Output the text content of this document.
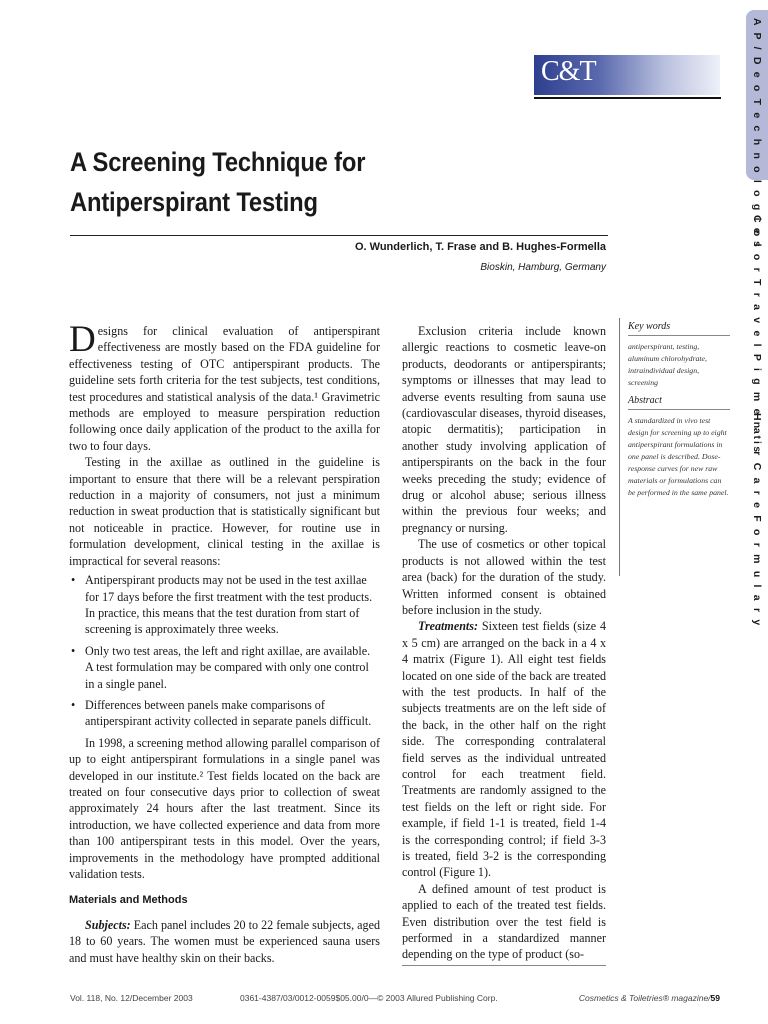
C&T	A P / D e o T e c h n o l o g i e s
C o l o r T r a v e l P i g m e n t s
H a i r C a r e F o r m u l a r y
A Screening Technique for
Antiperspirant Testing
O. Wunderlich, T. Frase and B. Hughes-Formella
Bioskin, Hamburg, Germany

Designs for clinical evaluation of antiperspirant effectiveness are mostly based on the FDA guideline for effectiveness testing of OTC antiperspirant products. The guideline sets forth criteria for the test subjects, test conditions, test procedures and statistical analysis of the data.¹ Gravimetric methods are employed to measure perspiration reduction following once daily application of the product to the axilla for two to four days.

Testing in the axillae as outlined in the guideline is important to ensure that there will be a relevant perspiration reduction in a majority of consumers, not just a minimum reduction in sweat production that is statistically significant but not noticeable in practice. However, for routine use in formulation development, clinical testing in the axillae is impractical for several reasons:

• Antiperspirant products may not be used in the test axillae for 17 days before the first treatment with the test products. In practice, this means that the test duration from start of screening is approximately three weeks.
• Only two test areas, the left and right axillae, are available. A test formulation may be compared with only one control in a single panel.
• Differences between panels make comparisons of antiperspirant activity collected in separate panels difficult.

In 1998, a screening method allowing parallel comparison of up to eight antiperspirant formulations in a single panel was developed in our institute.² Test fields located on the back are treated on four consecutive days prior to collection of sweat approximately 24 hours after the last treatment. Since its introduction, we have collected experience and data from more than 100 antiperspirant tests in this model. Over the years, improvements in the methodology have prompted additional validation tests.

Materials and Methods

Subjects: Each panel includes 20 to 22 female subjects, aged 18 to 60 years. The women must be experienced sauna users and must have healthy skin on their backs.

Exclusion criteria include known allergic reactions to cosmetic leave-on products, deodorants or antiperspirants; symptoms or illnesses that may lead to adverse events resulting from sauna use (cardiovascular diseases, thyroid diseases, atopic dermatitis); participation in another study involving application of antiperspirants on the back in the four weeks preceding the study; evidence of drug or alcohol abuse; serious illness within the previous four weeks; and pregnancy or nursing.

The use of cosmetics or other topical products is not allowed within the test area (back) for the duration of the study. Written informed consent is obtained before inclusion in the study.

Treatments: Sixteen test fields (size 4 x 5 cm) are arranged on the back in a 4 x 4 matrix (Figure 1). All eight test fields located on one side of the back are treated with the test products. In half of the subjects treatments are on the left side of the back, in the other half on the right side. The corresponding contralateral field serves as the individual untreated control for each treatment field. Treatments are randomly assigned to the test fields on the left or right side. For example, if field 1-1 is treated, field 1-4 is the corresponding control; if field 3-3 is treated, field 3-2 is the corresponding control (Figure 1).

A defined amount of test product is applied to each of the treated test fields. Even distribution over the test field is performed in a standardized manner depending on the type of product (so-

Key words

antiperspirant, testing, aluminum chlorohydrate, intraindividual design, screening

Abstract

A standardized in vivo test design for screening up to eight antiperspirant formulations in one panel is described. Dose-response curves for new raw materials or formulations can be performed in the same panel.

Vol. 118, No. 12/December 2003	0361-4387/03/0012-0059$05.00/0—© 2003 Allured Publishing Corp.	Cosmetics & Toiletries® magazine/59
